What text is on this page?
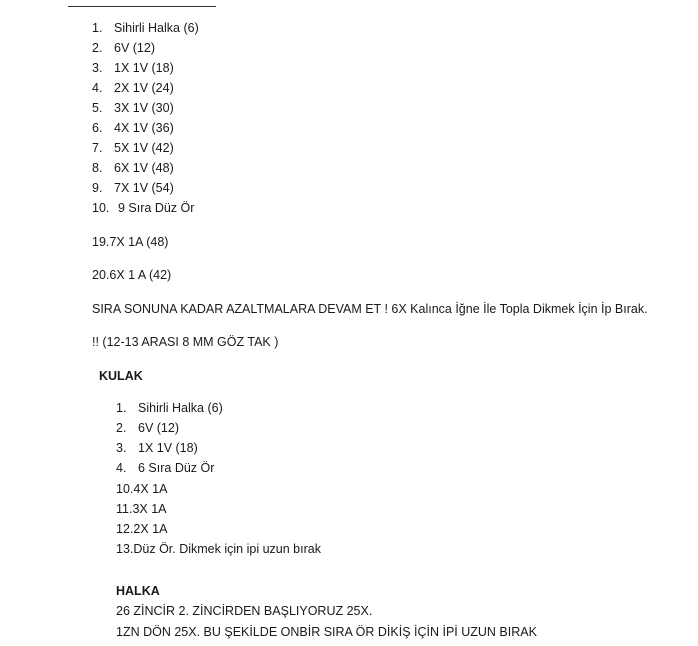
1. Sihirli Halka (6)
2. 6V (12)
3. 1X 1V (18)
4. 2X 1V (24)
5. 3X 1V (30)
6. 4X 1V (36)
7. 5X 1V (42)
8. 6X 1V (48)
9. 7X 1V (54)
10. 9 Sıra Düz Ör
19.7X 1A (48)
20.6X 1 A (42)
SIRA SONUNA KADAR AZALTMALARA DEVAM ET ! 6X Kalınca İğne İle Topla Dikmek İçin İp Bırak.
!! (12-13 ARASI 8 MM GÖZ TAK )
KULAK
1. Sihirli Halka (6)
2. 6V (12)
3. 1X 1V (18)
4. 6 Sıra Düz Ör
10.4X 1A
11.3X 1A
12.2X 1A
13.Düz Ör. Dikmek için ipi uzun bırak
HALKA
26 ZİNCİR 2. ZİNCİRDEN BAŞLIYORUZ 25X.
1ZN DÖN 25X. BU ŞEKİLDE ONBİR SIRA ÖR DİKİŞ İÇİN İPİ UZUN BIRAK
